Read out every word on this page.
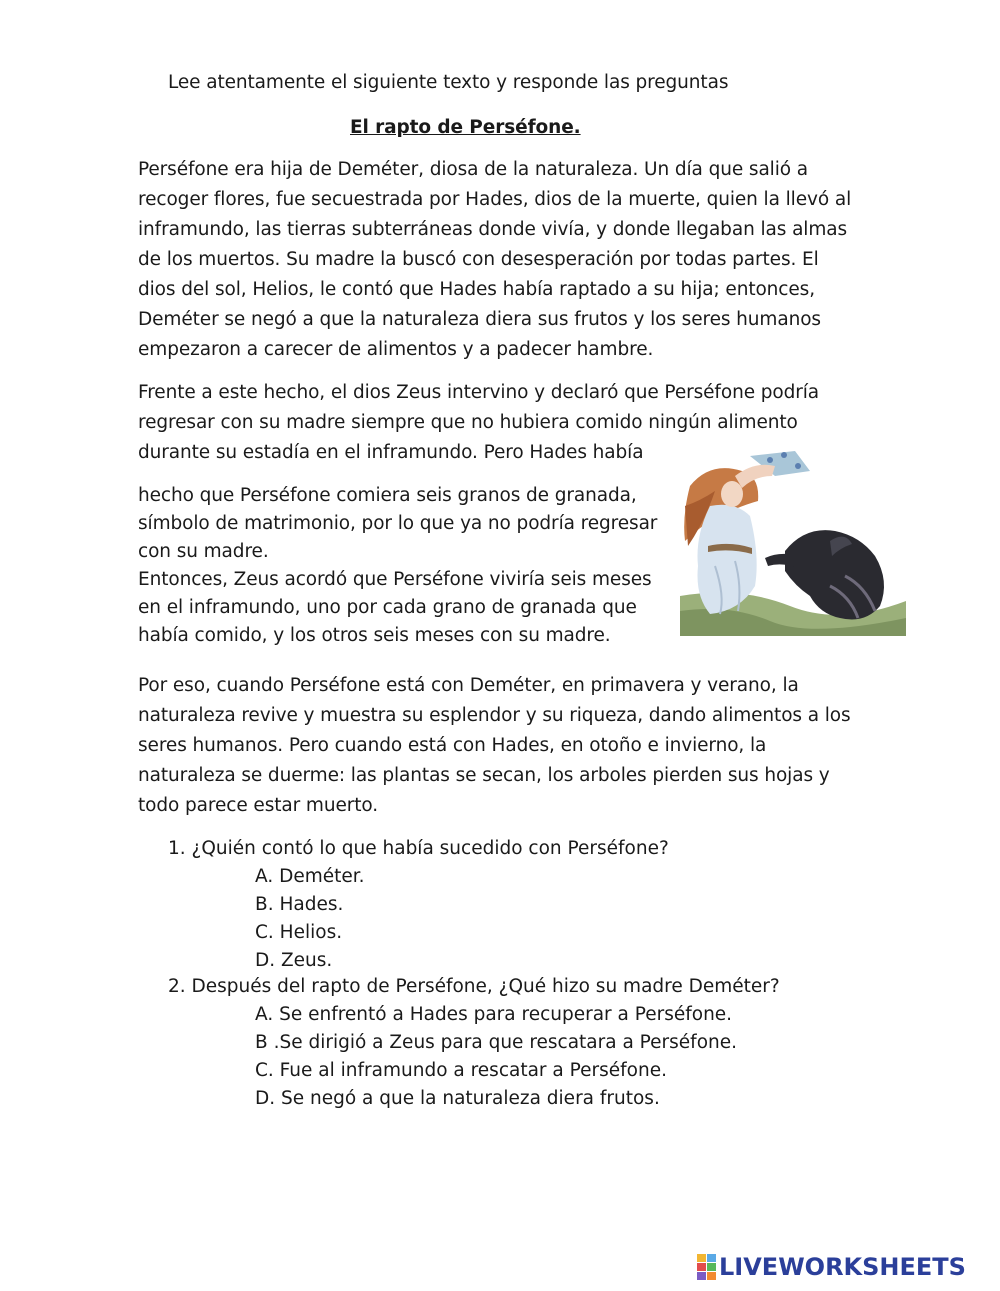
Lee atentamente el siguiente texto y responde las preguntas
El rapto de Perséfone.
Perséfone era hija de Deméter, diosa de la naturaleza. Un día que salió a
recoger flores, fue secuestrada por Hades, dios de la muerte, quien la llevó al
inframundo, las tierras subterráneas donde vivía, y donde llegaban las almas
de los muertos. Su madre la buscó con desesperación por todas partes. El
dios del sol, Helios, le contó que Hades había raptado a su hija; entonces,
Deméter se negó a que la naturaleza diera sus frutos y los seres humanos
empezaron a carecer de alimentos y a padecer hambre.
Frente a este hecho, el dios Zeus intervino y declaró que Perséfone podría
regresar con su madre siempre que no hubiera comido ningún alimento
durante su estadía en el inframundo. Pero Hades había
hecho que Perséfone comiera seis granos de granada,
símbolo de matrimonio, por lo que ya no podría regresar
con su madre.
Entonces, Zeus acordó que Perséfone viviría seis meses
en el inframundo, uno por cada grano de granada que
había comido, y los otros seis meses con su madre.
Por eso, cuando Perséfone está con Deméter, en primavera y verano, la
naturaleza revive y muestra su esplendor y su riqueza, dando alimentos a los
seres humanos. Pero cuando está con Hades, en otoño e invierno, la
naturaleza se duerme: las plantas se secan, los arboles pierden sus hojas y
todo parece estar muerto.
1. ¿Quién contó lo que había sucedido con Perséfone?
A. Deméter.
B. Hades.
C. Helios.
D. Zeus.
2. Después del rapto de Perséfone, ¿Qué hizo su madre Deméter?
A. Se enfrentó a Hades para recuperar a Perséfone.
B .Se dirigió a Zeus para que rescatara a Perséfone.
C. Fue al inframundo a rescatar a Perséfone.
D. Se negó a que la naturaleza diera frutos.
LIVEWORKSHEETS
